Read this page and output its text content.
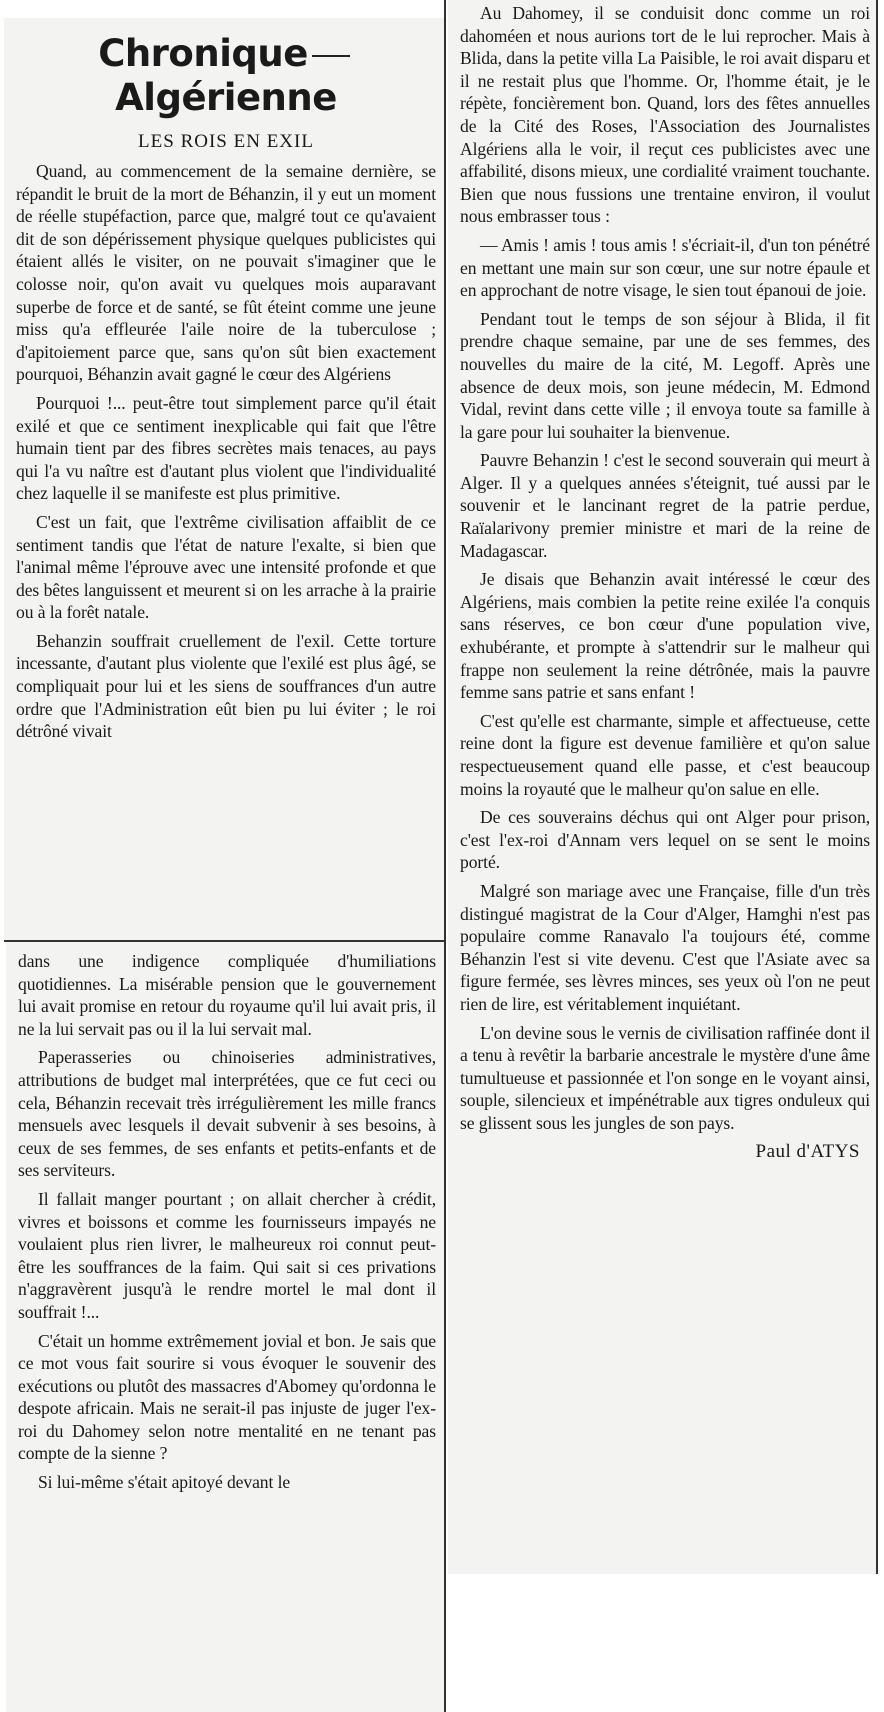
ChroniqueAlgérienne
LES ROIS EN EXIL

Quand, au commencement de la semaine dernière, se répandit le bruit de la mort de Béhanzin, il y eut un moment de réelle stupéfaction, parce que, malgré tout ce qu'avaient dit de son dépérissement physique quelques publicistes qui étaient allés le visiter, on ne pouvait s'imaginer que le colosse noir, qu'on avait vu quelques mois auparavant superbe de force et de santé, se fût éteint comme une jeune miss qu'a effleurée l'aile noire de la tuberculose ; d'apitoiement parce que, sans qu'on sût bien exactement pourquoi, Béhanzin avait gagné le cœur des Algériens

Pourquoi !... peut-être tout simplement parce qu'il était exilé et que ce sentiment inexplicable qui fait que l'être humain tient par des fibres secrètes mais tenaces, au pays qui l'a vu naître est d'autant plus violent que l'individualité chez laquelle il se manifeste est plus primitive.

C'est un fait, que l'extrême civilisation affaiblit de ce sentiment tandis que l'état de nature l'exalte, si bien que l'animal même l'éprouve avec une intensité profonde et que des bêtes languissent et meurent si on les arrache à la prairie ou à la forêt natale.

Behanzin souffrait cruellement de l'exil. Cette torture incessante, d'autant plus violente que l'exilé est plus âgé, se compliquait pour lui et les siens de souffrances d'un autre ordre que l'Administration eût bien pu lui éviter ; le roi détrôné vivait

dans une indigence compliquée d'humiliations quotidiennes. La misérable pension que le gouvernement lui avait promise en retour du royaume qu'il lui avait pris, il ne la lui servait pas ou il la lui servait mal.

Paperasseries ou chinoiseries administratives, attributions de budget mal interprétées, que ce fut ceci ou cela, Béhanzin recevait très irrégulièrement les mille francs mensuels avec lesquels il devait subvenir à ses besoins, à ceux de ses femmes, de ses enfants et petits-enfants et de ses serviteurs.

Il fallait manger pourtant ; on allait chercher à crédit, vivres et boissons et comme les fournisseurs impayés ne voulaient plus rien livrer, le malheureux roi connut peut-être les souffrances de la faim. Qui sait si ces privations n'aggravèrent jusqu'à le rendre mortel le mal dont il souffrait !...

C'était un homme extrêmement jovial et bon. Je sais que ce mot vous fait sourire si vous évoquer le souvenir des exécutions ou plutôt des massacres d'Abomey qu'ordonna le despote africain. Mais ne serait-il pas injuste de juger l'ex-roi du Dahomey selon notre mentalité en ne tenant pas compte de la sienne ?

Si lui-même s'était apitoyé devant le

Au Dahomey, il se conduisit donc comme un roi dahoméen et nous aurions tort de le lui reprocher. Mais à Blida, dans la petite villa La Paisible, le roi avait disparu et il ne restait plus que l'homme. Or, l'homme était, je le répète, foncièrement bon. Quand, lors des fêtes annuelles de la Cité des Roses, l'Association des Journalistes Algériens alla le voir, il reçut ces publicistes avec une affabilité, disons mieux, une cordialité vraiment touchante. Bien que nous fussions une trentaine environ, il voulut nous embrasser tous :

— Amis ! amis ! tous amis ! s'écriait-il, d'un ton pénétré en mettant une main sur son cœur, une sur notre épaule et en approchant de notre visage, le sien tout épanoui de joie.

Pendant tout le temps de son séjour à Blida, il fit prendre chaque semaine, par une de ses femmes, des nouvelles du maire de la cité, M. Legoff. Après une absence de deux mois, son jeune médecin, M. Edmond Vidal, revint dans cette ville ; il envoya toute sa famille à la gare pour lui souhaiter la bienvenue.

Pauvre Behanzin ! c'est le second souverain qui meurt à Alger. Il y a quelques années s'éteignit, tué aussi par le souvenir et le lancinant regret de la patrie perdue, Raïalarivony premier ministre et mari de la reine de Madagascar.

Je disais que Behanzin avait intéressé le cœur des Algériens, mais combien la petite reine exilée l'a conquis sans réserves, ce bon cœur d'une population vive, exhubérante, et prompte à s'attendrir sur le malheur qui frappe non seulement la reine détrônée, mais la pauvre femme sans patrie et sans enfant !

C'est qu'elle est charmante, simple et affectueuse, cette reine dont la figure est devenue familière et qu'on salue respectueusement quand elle passe, et c'est beaucoup moins la royauté que le malheur qu'on salue en elle.

De ces souverains déchus qui ont Alger pour prison, c'est l'ex-roi d'Annam vers lequel on se sent le moins porté.

Malgré son mariage avec une Française, fille d'un très distingué magistrat de la Cour d'Alger, Hamghi n'est pas populaire comme Ranavalo l'a toujours été, comme Béhanzin l'est si vite devenu. C'est que l'Asiate avec sa figure fermée, ses lèvres minces, ses yeux où l'on ne peut rien de lire, est véritablement inquiétant.

L'on devine sous le vernis de civilisation raffinée dont il a tenu à revêtir la barbarie ancestrale le mystère d'une âme tumultueuse et passionnée et l'on songe en le voyant ainsi, souple, silencieux et impénétrable aux tigres onduleux qui se glissent sous les jungles de son pays.

Paul d'ATYS
